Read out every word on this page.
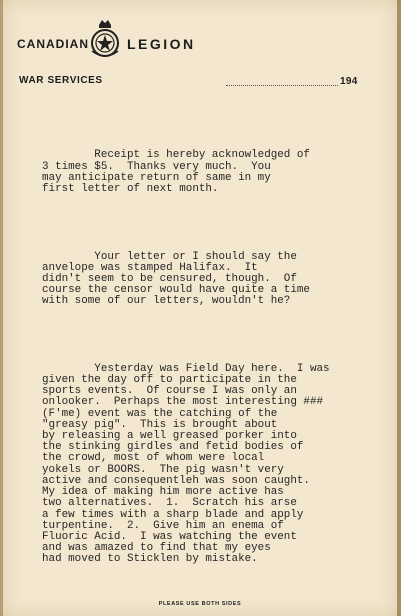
CANADIAN	LEGION
WAR SERVICES	194

Receipt is hereby acknowledged of
3 times $5.  Thanks very much.  You
may anticipate return of same in my
first letter of next month.

Your letter or I should say the
anvelope was stamped Halifax.  It
didn't seem to be censured, though.  Of
course the censor would have quite a time
with some of our letters, wouldn't he?

Yesterday was Field Day here.  I was
given the day off to participate in the
sports events.  Of course I was only an
onlooker.  Perhaps the most interesting ###
(F'me) event was the catching of the
"greasy pig".  This is brought about
by releasing a well greased porker into
the stinking girdles and fetid bodies of
the crowd, most of whom were local
yokels or BOORS.  The pig wasn't very
active and consequentleh was soon caught.
My idea of making him more active has
two alternatives.  1.  Scratch his arse
a few times with a sharp blade and apply
turpentine.  2.  Give him an enema of
Fluoric Acid.  I was watching the event
and was amazed to find that my eyes
had moved to Sticklen by mistake.

PLEASE USE BOTH SIDES
